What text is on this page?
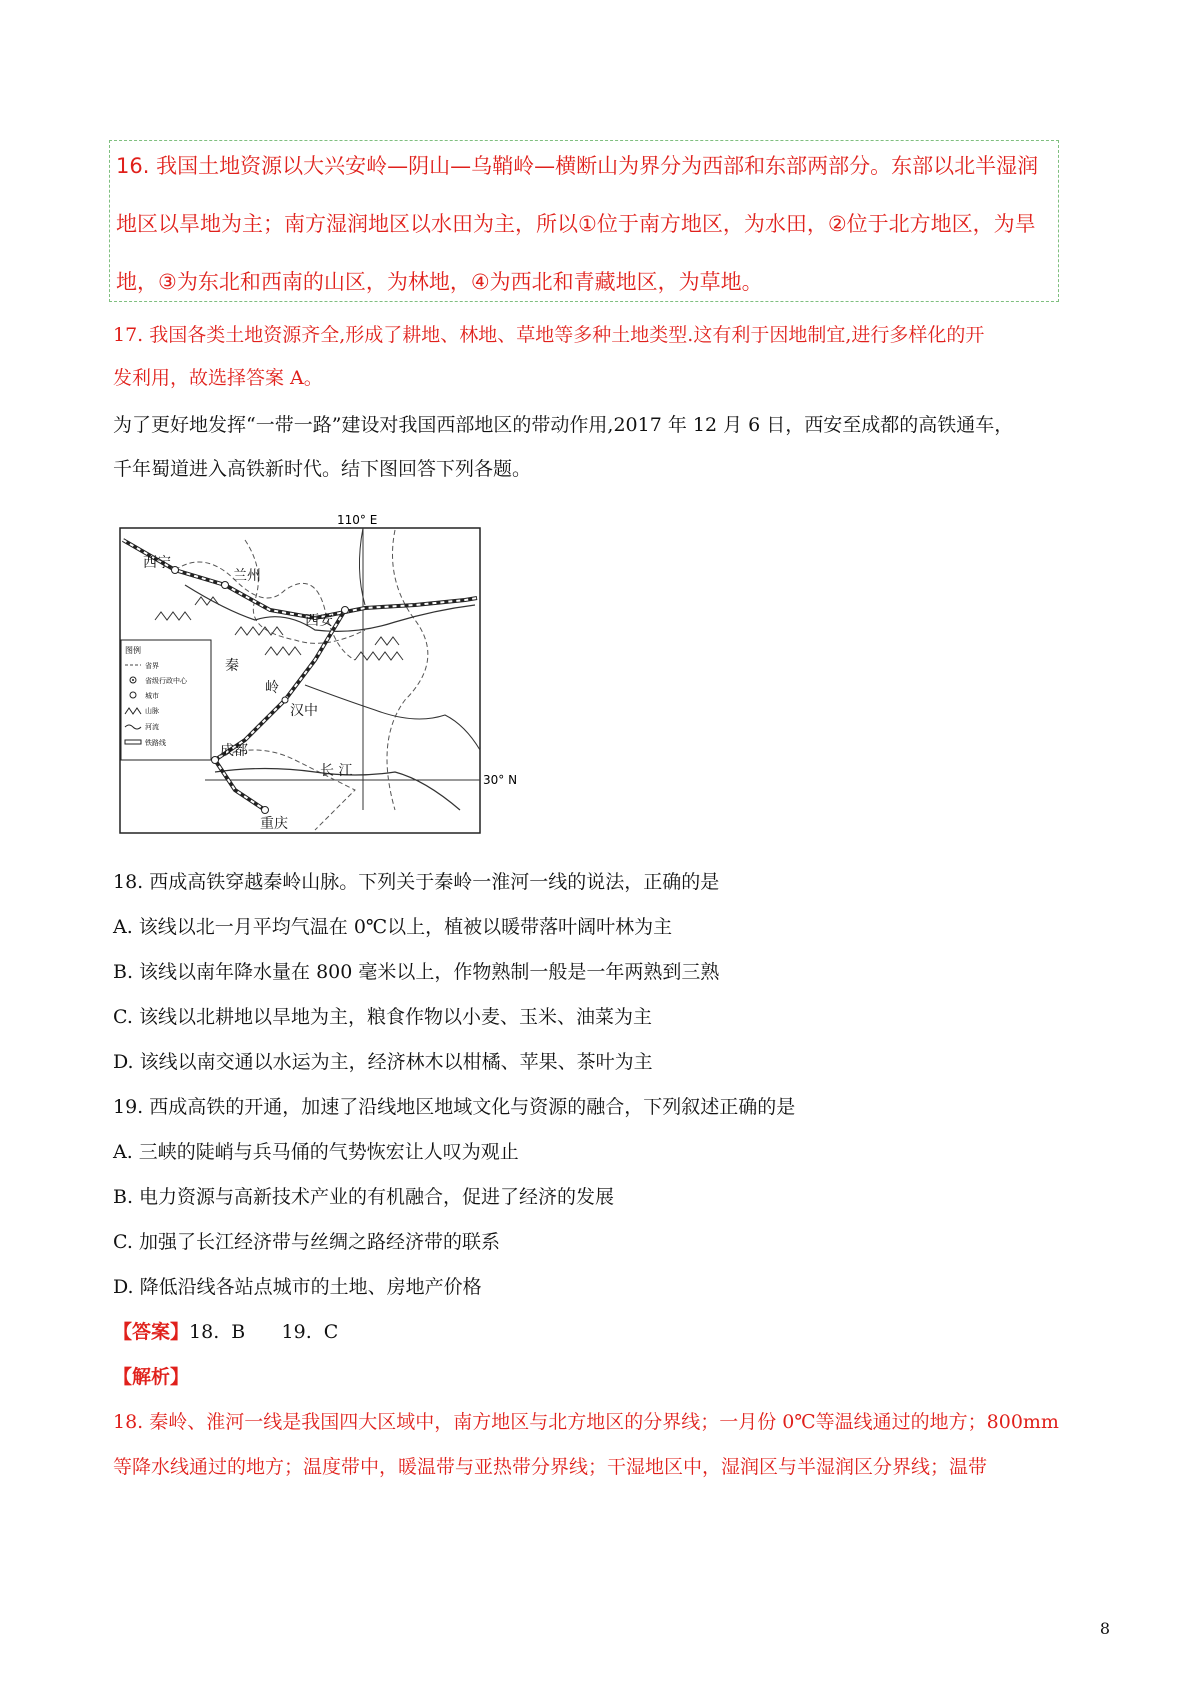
16. 我国土地资源以大兴安岭—阴山—乌鞘岭—横断山为界分为西部和东部两部分。东部以北半湿润
地区以旱地为主；南方湿润地区以水田为主，所以①位于南方地区，为水田，②位于北方地区，为旱
地，③为东北和西南的山区，为林地，④为西北和青藏地区，为草地。
17. 我国各类土地资源齐全,形成了耕地、林地、草地等多种土地类型.这有利于因地制宜,进行多样化的开
发利用，故选择答案 A。
为了更好地发挥“一带一路”建设对我国西部地区的带动作用,2017 年 12 月 6 日，西安至成都的高铁通车，
千年蜀道进入高铁新时代。结下图回答下列各题。
110° E
30° N
西宁
兰州
西安
秦
岭
汉中
成都
长 江
重庆
图例
省界
省级行政中心
城市
山脉
河流
铁路线
18. 西成高铁穿越秦岭山脉。下列关于秦岭一淮河一线的说法，正确的是
A. 该线以北一月平均气温在 0℃以上，植被以暖带落叶阔叶林为主
B. 该线以南年降水量在 800 毫米以上，作物熟制一般是一年两熟到三熟
C. 该线以北耕地以旱地为主，粮食作物以小麦、玉米、油菜为主
D. 该线以南交通以水运为主，经济林木以柑橘、苹果、茶叶为主
19. 西成高铁的开通，加速了沿线地区地域文化与资源的融合，下列叙述正确的是
A. 三峡的陡峭与兵马俑的气势恢宏让人叹为观止
B. 电力资源与高新技术产业的有机融合，促进了经济的发展
C. 加强了长江经济带与丝绸之路经济带的联系
D. 降低沿线各站点城市的土地、房地产价格
【答案】18.  B      19.  C
【解析】
18. 秦岭、淮河一线是我国四大区域中，南方地区与北方地区的分界线；一月份 0℃等温线通过的地方；800mm
等降水线通过的地方；温度带中，暖温带与亚热带分界线；干湿地区中，湿润区与半湿润区分界线；温带
8
